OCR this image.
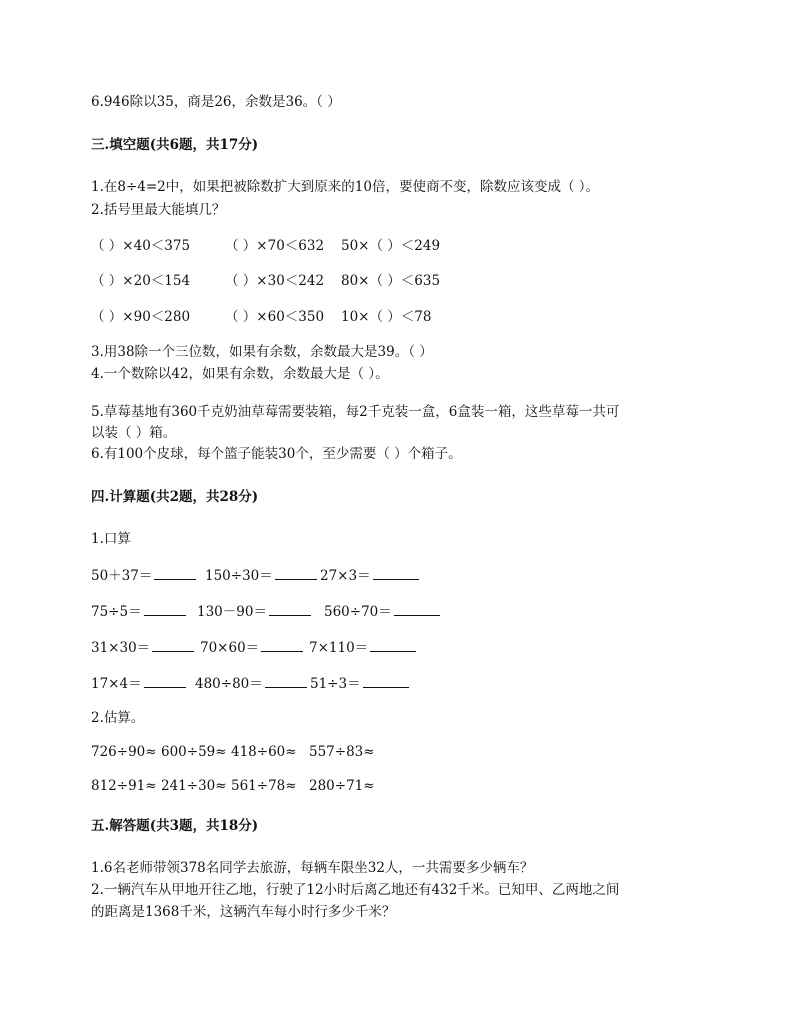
6.946除以35，商是26，余数是36。（ ）
三.填空题(共6题，共17分)
1.在8÷4=2中，如果把被除数扩大到原来的10倍，要使商不变，除数应该变成（ ）。
2.括号里最大能填几？
（ ）×40＜375	（ ）×70＜632 50×（ ）＜249
（ ）×20＜154	（ ）×30＜242 80×（ ）＜635
（ ）×90＜280	（ ）×60＜350 10×（ ）＜78
3.用38除一个三位数，如果有余数，余数最大是39。（ ）
4.一个数除以42，如果有余数，余数最大是（ ）。
5.草莓基地有360千克奶油草莓需要装箱，每2千克装一盒，6盒装一箱，这些草莓一共可
以装（ ）箱。
6.有100个皮球，每个篮子能装30个，至少需要（ ）个箱子。
四.计算题(共2题，共28分)
1.口算
50＋37＝	150÷30＝	27×3＝
75÷5＝	130－90＝	560÷70＝
31×30＝	70×60＝	7×110＝
17×4＝	480÷80＝	51÷3＝
2.估算。
726÷90≈ 600÷59≈ 418÷60≈ 557÷83≈
812÷91≈ 241÷30≈ 561÷78≈ 280÷71≈
五.解答题(共3题，共18分)
1.6名老师带领378名同学去旅游，每辆车限坐32人，一共需要多少辆车？
2.一辆汽车从甲地开往乙地，行驶了12小时后离乙地还有432千米。已知甲、乙两地之间
的距离是1368千米，这辆汽车每小时行多少千米？
